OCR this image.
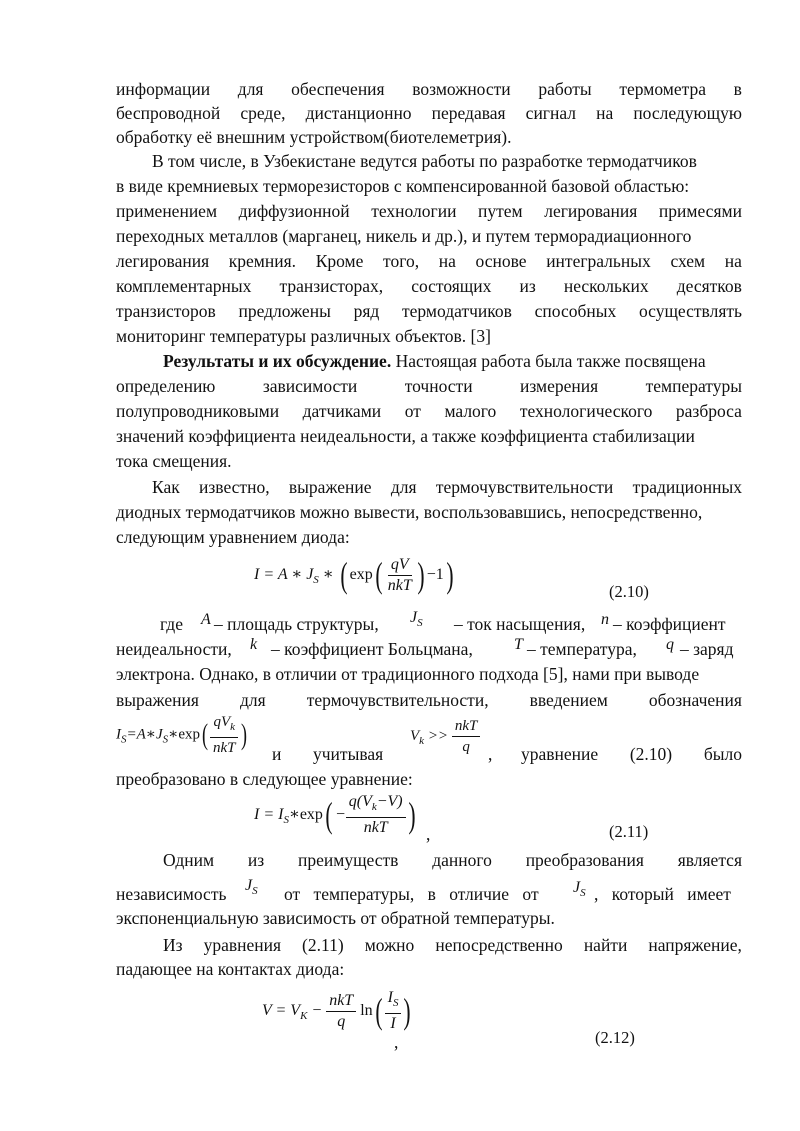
информации для обеспечения возможности работы термометра в
беспроводной среде, дистанционно передавая сигнал на последующую
обработку её внешним устройством(биотелеметрия).
В том числе, в Узбекистане ведутся работы по разработке термодатчиков
в виде кремниевых терморезисторов с компенсированной базовой областью:
применением диффузионной технологии путем легирования примесями
переходных металлов (марганец, никель и др.), и путем терморадиационного
легирования кремния. Кроме того, на основе интегральных схем на
комплементарных транзисторах, состоящих из нескольких десятков
транзисторов предложены ряд термодатчиков способных осуществлять
мониторинг температуры различных объектов. [3]
Результаты и их обсуждение. Настоящая работа была также посвящена
определению	зависимости	точности	измерения	температуры
полупроводниковыми датчиками от малого технологического разброса
значений коэффициента неидеальности, а также коэффициента стабилизации
тока смещения.
Как известно, выражение для термочувствительности традиционных
диодных термодатчиков можно вывести, воспользовавшись, непосредственно,
следующим уравнением диода:
I = A ∗ $J_S$ ∗ ( $\exp( \frac{qV}{\text{nkT}}$ ) −1)	(2.10)
где A – площадь структуры, $J_S$ – ток насыщения, n – коэффициент
неидеальности, k – коэффициент Больцмана,	T – температура, q – заряд
электрона. Однако, в отличии от традиционного подхода [5], нами при выводе
выражения для термочувствительности, введением обозначения
$I_S=A∗J_S∗\exp( \frac{qV_k}{\text{nkT}}$ )
и	учитывая
$V_k >> \frac{\text{nkT}}{q}$ ,	уравнение (2.10) было
преобразовано в следующее уравнение:
$I = I_S∗\exp( - \frac{q(V_k-V)}{\text{nkT}}$ ) ,	(2.11)
Одним из преимуществ данного преобразования является
независимость $J_S$ от температуры, в отличие от $J_S$ , который имеет
экспоненциальную зависимость от обратной температуры.
Из уравнения (2.11) можно непосредственно найти напряжение,
падающее на контактах диода:
$V = V_K - \frac{\text{nkT}}{q} \ln( \frac{I_S}{I}$ )
,	(2.12)
